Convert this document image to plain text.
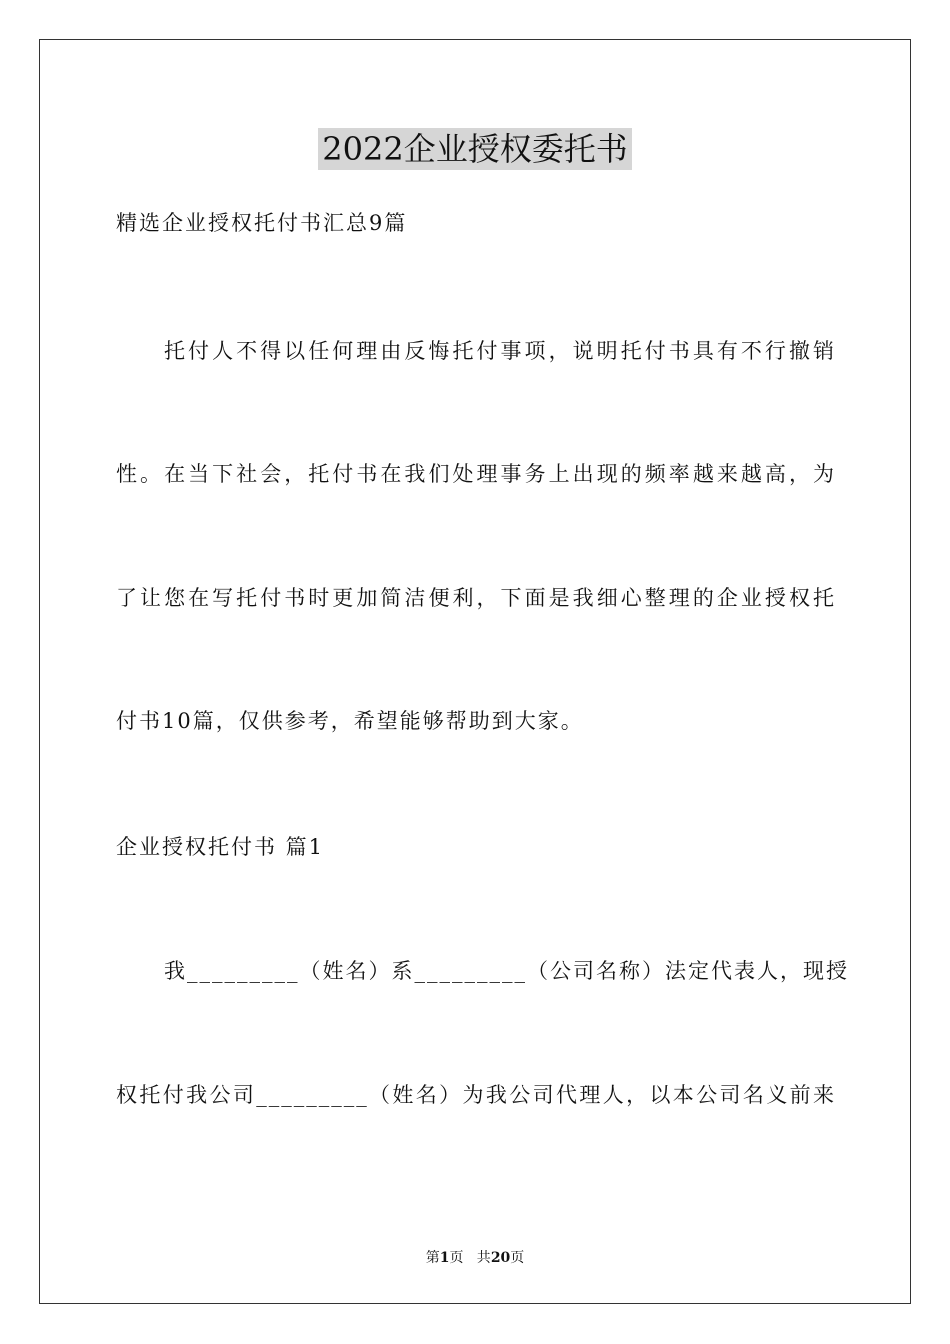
2022企业授权委托书
精选企业授权托付书汇总9篇
托付人不得以任何理由反悔托付事项，说明托付书具有不行撤销
性。在当下社会，托付书在我们处理事务上出现的频率越来越高，为
了让您在写托付书时更加简洁便利，下面是我细心整理的企业授权托
付书10篇，仅供参考，希望能够帮助到大家。
企业授权托付书 篇1
我_________（姓名）系_________（公司名称）法定代表人，现授
权托付我公司_________（姓名）为我公司代理人，以本公司名义前来
第1页   共20页
